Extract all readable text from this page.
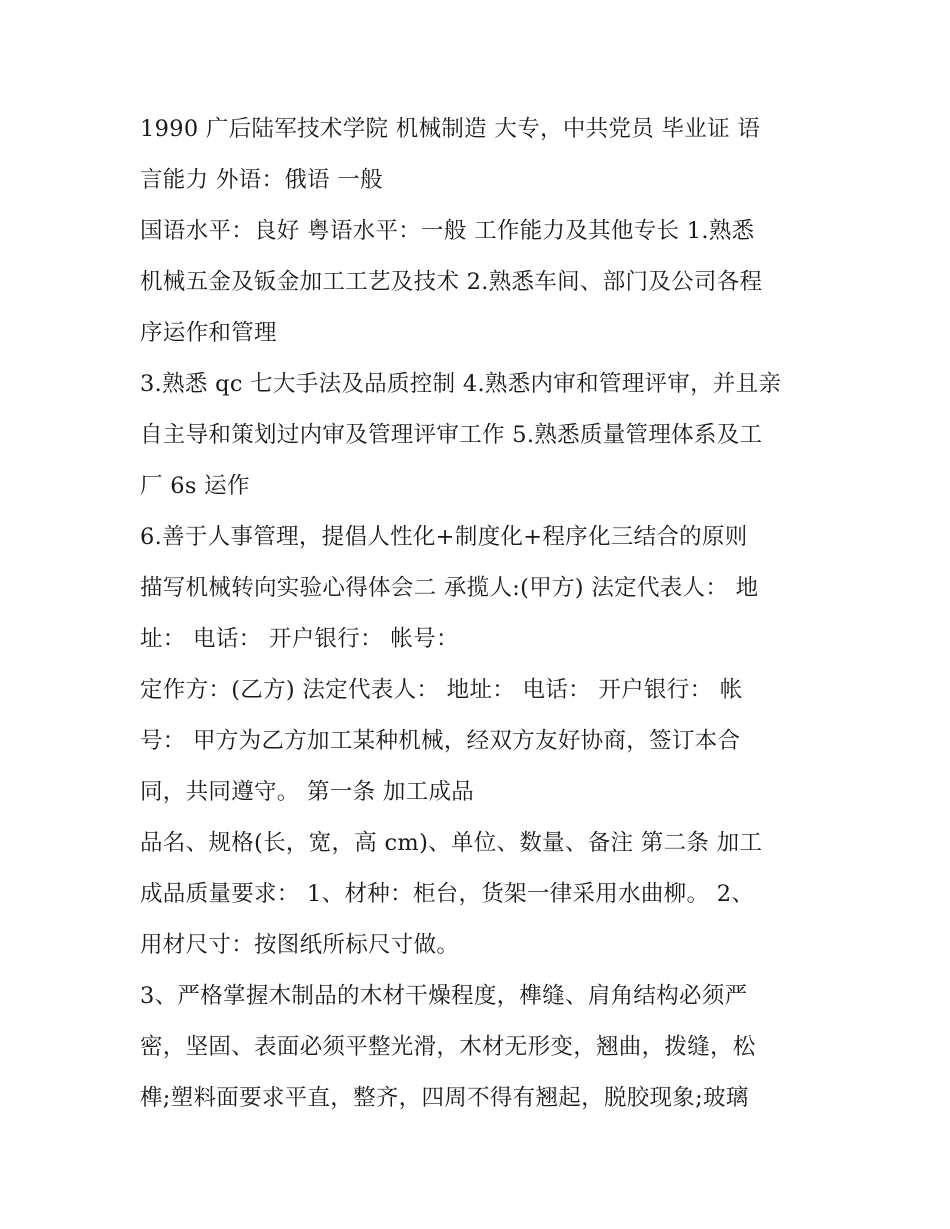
1990 广后陆军技术学院 机械制造 大专，中共党员 毕业证 语
言能力 外语：俄语 一般
国语水平：良好 粤语水平：一般 工作能力及其他专长 1.熟悉
机械五金及钣金加工工艺及技术 2.熟悉车间、部门及公司各程
序运作和管理
3.熟悉 qc 七大手法及品质控制 4.熟悉内审和管理评审，并且亲
自主导和策划过内审及管理评审工作 5.熟悉质量管理体系及工
厂 6s 运作
6.善于人事管理，提倡人性化+制度化+程序化三结合的原则
描写机械转向实验心得体会二 承揽人:(甲方) 法定代表人： 地
址： 电话： 开户银行： 帐号：
定作方：(乙方) 法定代表人： 地址： 电话： 开户银行： 帐
号： 甲方为乙方加工某种机械，经双方友好协商，签订本合
同，共同遵守。 第一条 加工成品
品名、规格(长，宽，高 cm)、单位、数量、备注 第二条 加工
成品质量要求： 1、材种：柜台，货架一律采用水曲柳。 2、
用材尺寸：按图纸所标尺寸做。
3、严格掌握木制品的木材干燥程度，榫缝、肩角结构必须严
密，坚固、表面必须平整光滑，木材无形变，翘曲，拨缝，松
榫;塑料面要求平直，整齐，四周不得有翘起，脱胶现象;玻璃
